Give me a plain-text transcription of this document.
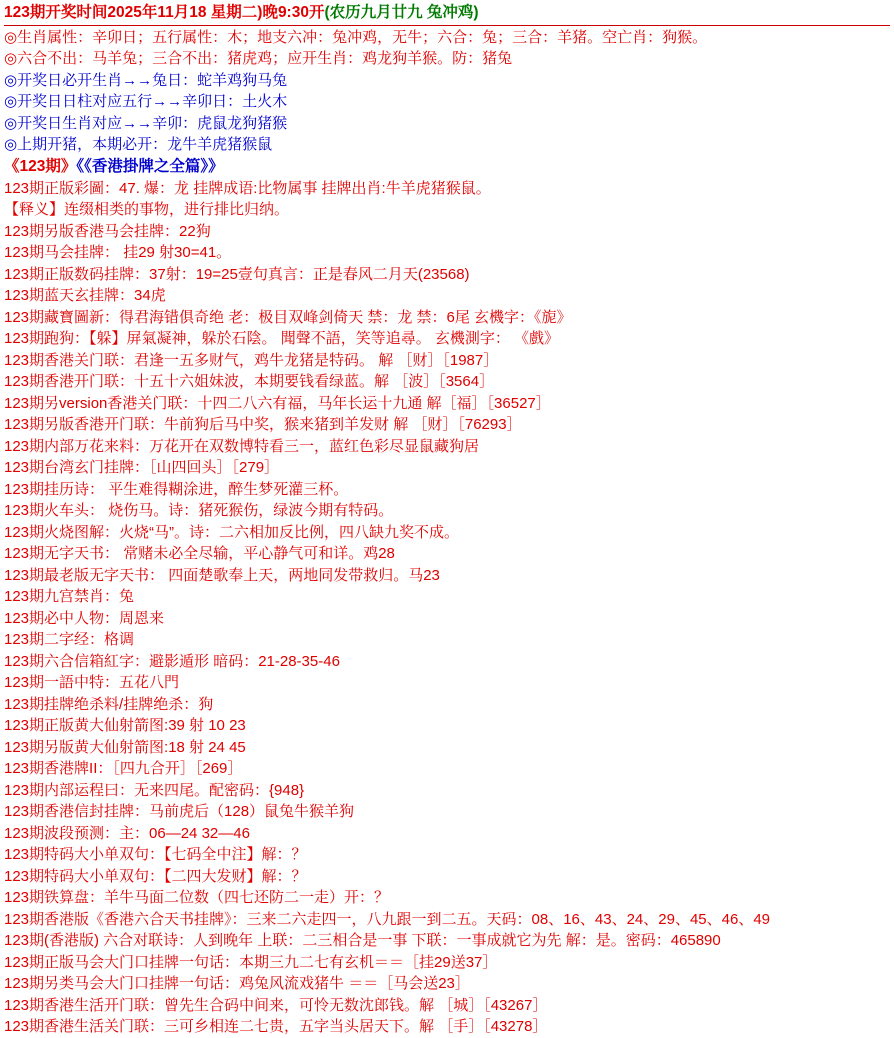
123期开奖时间2025年11月18 星期二)晚9:30开(农历九月廿九 兔冲鸡)
◎生肖属性：辛卯日；五行属性：木；地支六冲：兔冲鸡，无牛；六合：兔；三合：羊猪。空亡肖：狗猴。
◎六合不出：马羊兔；三合不出：猪虎鸡；应开生肖：鸡龙狗羊猴。防：猪兔
◎开奖日必开生肖→→兔日：蛇羊鸡狗马兔
◎开奖日日柱对应五行→→辛卯日：土火木
◎开奖日生肖对应→→辛卯：虎鼠龙狗猪猴
◎上期开猪，本期必开：龙牛羊虎猪猴鼠
《123期》《《香港掛牌之全篇》》
123期正版彩圖：47. 爆：龙 挂牌成语:比物属事 挂牌出肖:牛羊虎猪猴鼠。
【释义】连缀相类的事物，进行排比归纳。
123期另版香港马会挂牌：22狗
123期马会挂牌： 挂29 射30=41。
123期正版数码挂牌：37射：19=25壹句真言：正是春风二月天(23568)
123期蓝天玄挂牌：34虎
123期藏寶圖新：得君海错俱奇绝 老：极目双峰剑倚天 禁：龙 禁：6尾 玄機字：《旎》
123期跑狗：【躲】屏氣凝神，躲於石陰。 聞聲不語，笑等追尋。 玄機測字： 《戲》
123期香港关门联：君逢一五多财气，鸡牛龙猪是特码。 解 ［财］［1987］
123期香港开门联：十五十六姐妹波，本期要钱看绿蓝。解 ［波］［3564］
123期另version香港关门联：十四二八六有福，马年长运十九通 解［福］［36527］
123期另版香港开门联：牛前狗后马中奖，猴来猪到羊发财 解 ［财］［76293］
123期内部万花来料：万花开在双数博特看三一，蓝红色彩尽显鼠藏狗居
123期台湾玄门挂牌：［山四回头］［279］
123期挂历诗： 平生难得糊涂进，醉生梦死灌三杯。
123期火车头： 烧伤马。诗：猪死猴伤，绿波今期有特码。
123期火烧图解：火烧“马”。诗：二六相加反比例，四八缺九奖不成。
123期无字天书： 常赌未必全尽输，平心静气可和详。鸡28
123期最老版无字天书： 四面楚歌奉上天，两地同发带救归。马23
123期九宫禁肖：兔
123期必中人物：周恩来
123期二字经：格调
123期六合信箱紅字：避影遁形 暗码：21-28-35-46
123期一語中特：五花八門
123期挂牌绝杀料/挂牌绝杀：狗
123期正版黄大仙射箭图:39 射 10 23
123期另版黄大仙射箭图:18 射 24 45
123期香港牌II：［四九合开］［269］
123期内部运程曰：无来四尾。配密码：{948}
123期香港信封挂牌：马前虎后（128）鼠兔牛猴羊狗
123期波段预测：主：06—24 32—46
123期特码大小单双句：【七码全中注】解：？
123期特码大小单双句：【二四大发财】解：？
123期铁算盘：羊牛马面二位数（四七还防二一走）开：？
123期香港版《香港六合天书挂牌》：三来二六走四一，八九跟一到二五。天码：08、16、43、24、29、45、46、49
123期(香港版) 六合对联诗：人到晚年 上联：二三相合是一事 下联：一事成就它为先 解：是。密码：465890
123期正版马会大门口挂牌一句话：本期三九二七有玄机＝＝［挂29送37］
123期另类马会大门口挂牌一句话：鸡兔风流戏猪牛 ＝＝［马会送23］
123期香港生活开门联：曾先生合码中间来，可怜无数沈郎钱。解 ［城］［43267］
123期香港生活关门联：三可乡相连二七贵，五字当头居天下。解 ［手］［43278］
